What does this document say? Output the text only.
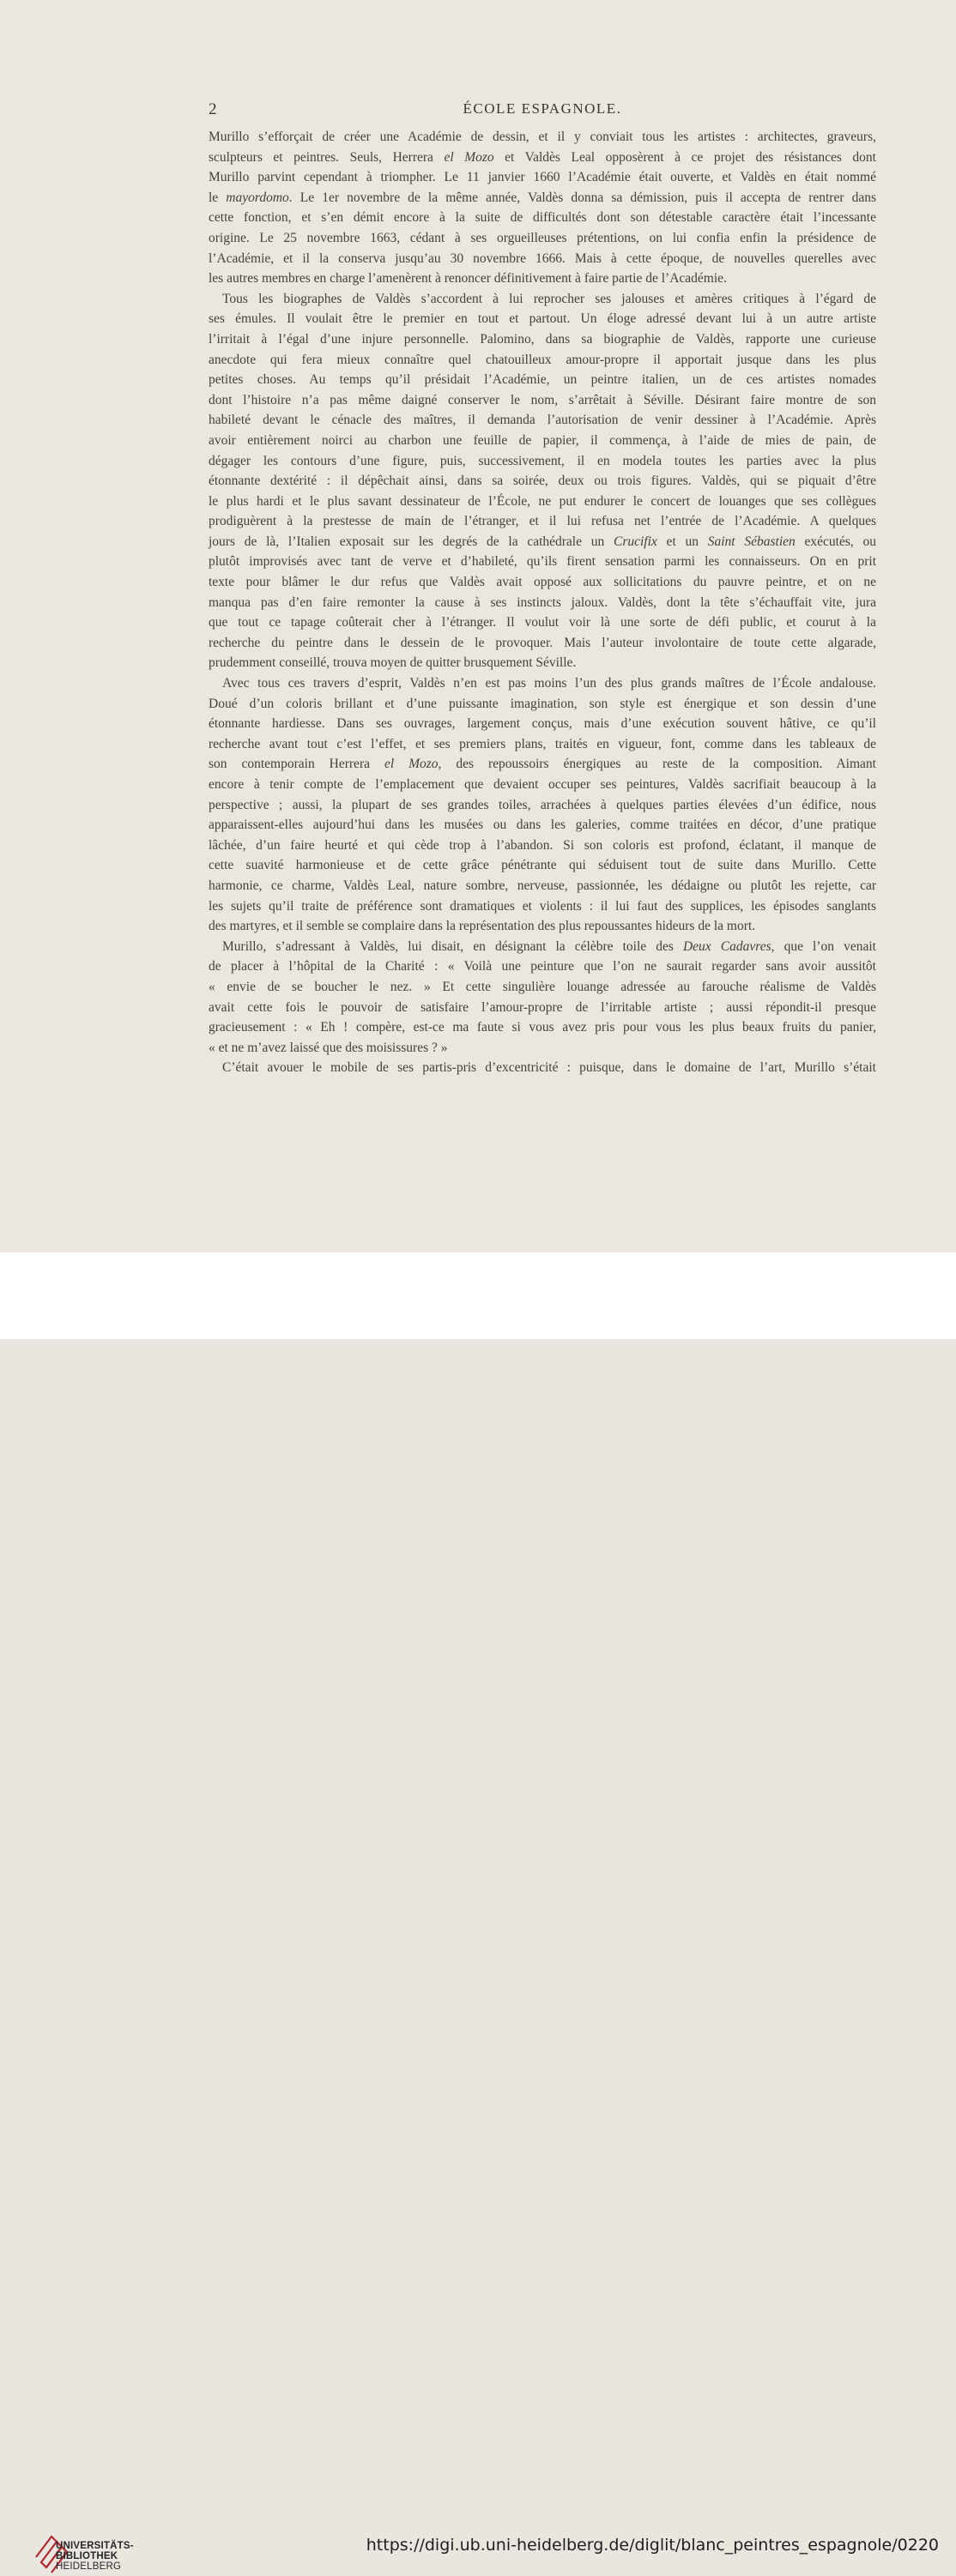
2	ÉCOLE ESPAGNOLE.
Murillo s’efforçait de créer une Académie de dessin, et il y conviait tous les artistes : architectes, graveurs,
sculpteurs et peintres. Seuls, Herrera el Mozo et Valdès Leal opposèrent à ce projet des résistances dont
Murillo parvint cependant à triompher. Le 11 janvier 1660 l’Académie était ouverte, et Valdès en était nommé
le mayordomo. Le 1er novembre de la même année, Valdès donna sa démission, puis il accepta de rentrer dans
cette fonction, et s’en démit encore à la suite de difficultés dont son détestable caractère était l’incessante
origine. Le 25 novembre 1663, cédant à ses orgueilleuses prétentions, on lui confia enfin la présidence de
l’Académie, et il la conserva jusqu’au 30 novembre 1666. Mais à cette époque, de nouvelles querelles avec
les autres membres en charge l’amenèrent à renoncer définitivement à faire partie de l’Académie.
Tous les biographes de Valdès s’accordent à lui reprocher ses jalouses et amères critiques à l’égard de
ses émules. Il voulait être le premier en tout et partout. Un éloge adressé devant lui à un autre artiste
l’irritait à l’égal d’une injure personnelle. Palomino, dans sa biographie de Valdès, rapporte une curieuse
anecdote qui fera mieux connaître quel chatouilleux amour-propre il apportait jusque dans les plus
petites choses. Au temps qu’il présidait l’Académie, un peintre italien, un de ces artistes nomades
dont l’histoire n’a pas même daigné conserver le nom, s’arrêtait à Séville. Désirant faire montre de son
habileté devant le cénacle des maîtres, il demanda l’autorisation de venir dessiner à l’Académie. Après
avoir entièrement noirci au charbon une feuille de papier, il commença, à l’aide de mies de pain, de
dégager les contours d’une figure, puis, successivement, il en modela toutes les parties avec la plus
étonnante dextérité : il dépêchait ainsi, dans sa soirée, deux ou trois figures. Valdès, qui se piquait d’être
le plus hardi et le plus savant dessinateur de l’École, ne put endurer le concert de louanges que ses collègues
prodiguèrent à la prestesse de main de l’étranger, et il lui refusa net l’entrée de l’Académie. A quelques
jours de là, l’Italien exposait sur les degrés de la cathédrale un Crucifix et un Saint Sébastien exécutés, ou
plutôt improvisés avec tant de verve et d’habileté, qu’ils firent sensation parmi les connaisseurs. On en prit
texte pour blâmer le dur refus que Valdès avait opposé aux sollicitations du pauvre peintre, et on ne
manqua pas d’en faire remonter la cause à ses instincts jaloux. Valdès, dont la tête s’échauffait vite, jura
que tout ce tapage coûterait cher à l’étranger. Il voulut voir là une sorte de défi public, et courut à la
recherche du peintre dans le dessein de le provoquer. Mais l’auteur involontaire de toute cette algarade,
prudemment conseillé, trouva moyen de quitter brusquement Séville.
Avec tous ces travers d’esprit, Valdès n’en est pas moins l’un des plus grands maîtres de l’École andalouse.
Doué d’un coloris brillant et d’une puissante imagination, son style est énergique et son dessin d’une
étonnante hardiesse. Dans ses ouvrages, largement conçus, mais d’une exécution souvent hâtive, ce qu’il
recherche avant tout c’est l’effet, et ses premiers plans, traités en vigueur, font, comme dans les tableaux de
son contemporain Herrera el Mozo, des repoussoirs énergiques au reste de la composition. Aimant
encore à tenir compte de l’emplacement que devaient occuper ses peintures, Valdès sacrifiait beaucoup à la
perspective ; aussi, la plupart de ses grandes toiles, arrachées à quelques parties élevées d’un édifice, nous
apparaissent-elles aujourd’hui dans les musées ou dans les galeries, comme traitées en décor, d’une pratique
lâchée, d’un faire heurté et qui cède trop à l’abandon. Si son coloris est profond, éclatant, il manque de
cette suavité harmonieuse et de cette grâce pénétrante qui séduisent tout de suite dans Murillo. Cette
harmonie, ce charme, Valdès Leal, nature sombre, nerveuse, passionnée, les dédaigne ou plutôt les rejette, car
les sujets qu’il traite de préférence sont dramatiques et violents : il lui faut des supplices, les épisodes sanglants
des martyres, et il semble se complaire dans la représentation des plus repoussantes hideurs de la mort.
Murillo, s’adressant à Valdès, lui disait, en désignant la célèbre toile des Deux Cadavres, que l’on venait
de placer à l’hôpital de la Charité : « Voilà une peinture que l’on ne saurait regarder sans avoir aussitôt
« envie de se boucher le nez. » Et cette singulière louange adressée au farouche réalisme de Valdès
avait cette fois le pouvoir de satisfaire l’amour-propre de l’irritable artiste ; aussi répondit-il presque
gracieusement : « Eh ! compère, est-ce ma faute si vous avez pris pour vous les plus beaux fruits du panier,
« et ne m’avez laissé que des moisissures ? »
C’était avouer le mobile de ses partis-pris d’excentricité : puisque, dans le domaine de l’art, Murillo s’était
UNIVERSITÄTS-
BIBLIOTHEK
HEIDELBERG
https://digi.ub.uni-heidelberg.de/diglit/blanc_peintres_espagnole/0220
